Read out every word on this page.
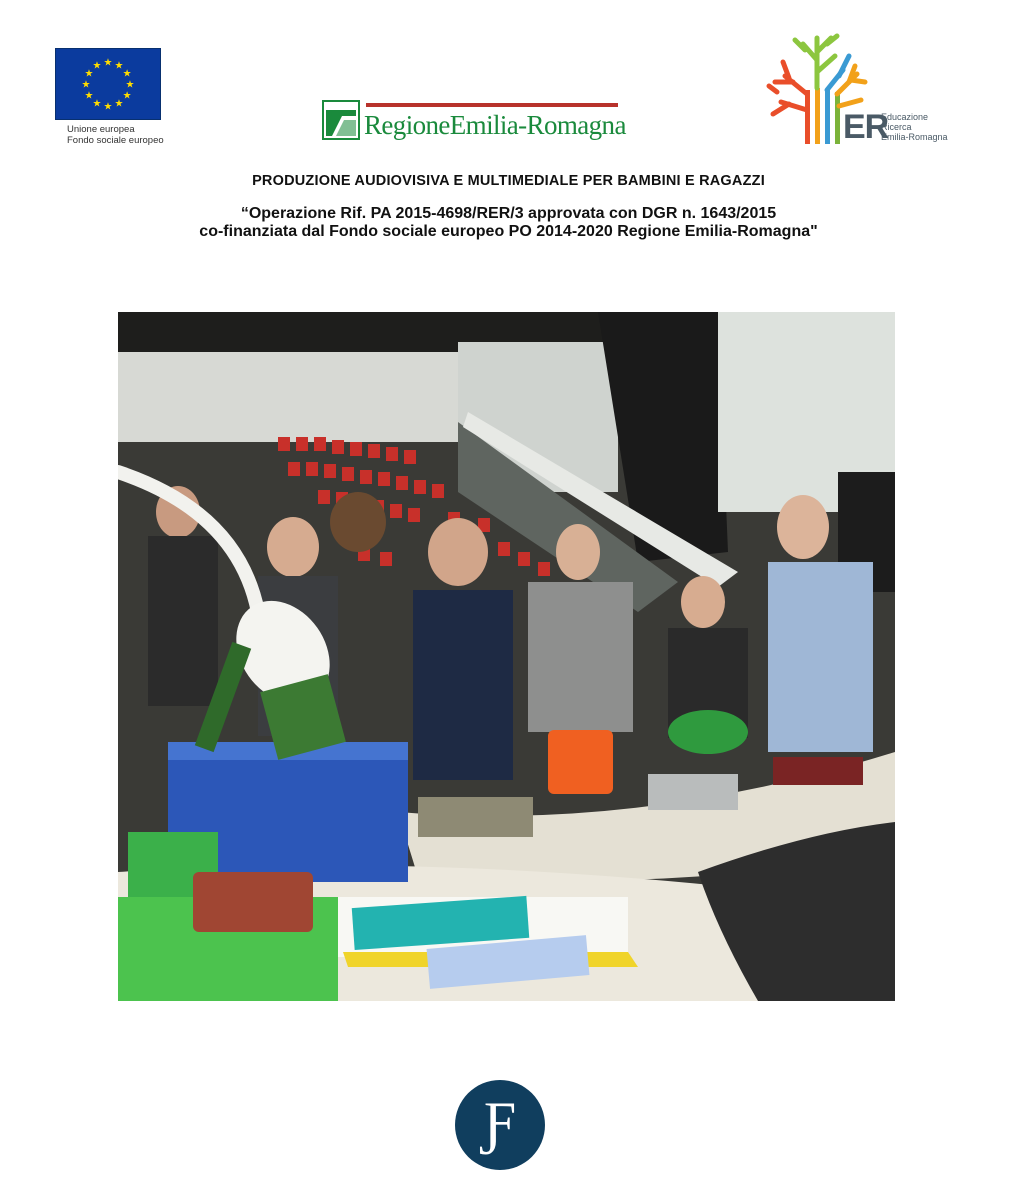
★ ★
★
★
★
★
★
★
★
★
★
★
Unione europea
Fondo sociale europeo
RegioneEmilia-Romagna	ER
Educazione
Ricerca
Emilia-Romagna
PRODUZIONE AUDIOVISIVA E MULTIMEDIALE PER BAMBINI E RAGAZZI
“Operazione Rif. PA 2015-4698/RER/3 approvata con DGR n. 1643/2015
co-finanziata dal Fondo sociale europeo PO 2014-2020 Regione Emilia-Romagna"
Ƒ
